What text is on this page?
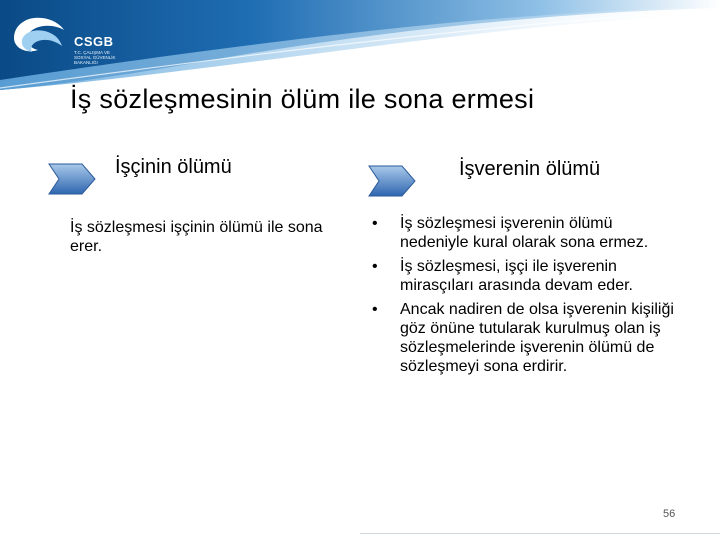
CSGB
T.C. ÇALIŞMA VE SOSYAL GÜVENLİK BAKANLIĞI
İş sözleşmesinin ölüm ile sona ermesi
İşçinin ölümü
İş sözleşmesi işçinin ölümü ile sona erer.
İşverenin ölümü
• İş sözleşmesi işverenin ölümü nedeniyle kural olarak sona ermez.
• İş sözleşmesi, işçi ile işverenin mirasçıları arasında devam eder.
• Ancak nadiren de olsa işverenin kişiliği göz önüne tutularak kurulmuş olan iş sözleşmelerinde işverenin ölümü de sözleşmeyi sona erdirir.
56
